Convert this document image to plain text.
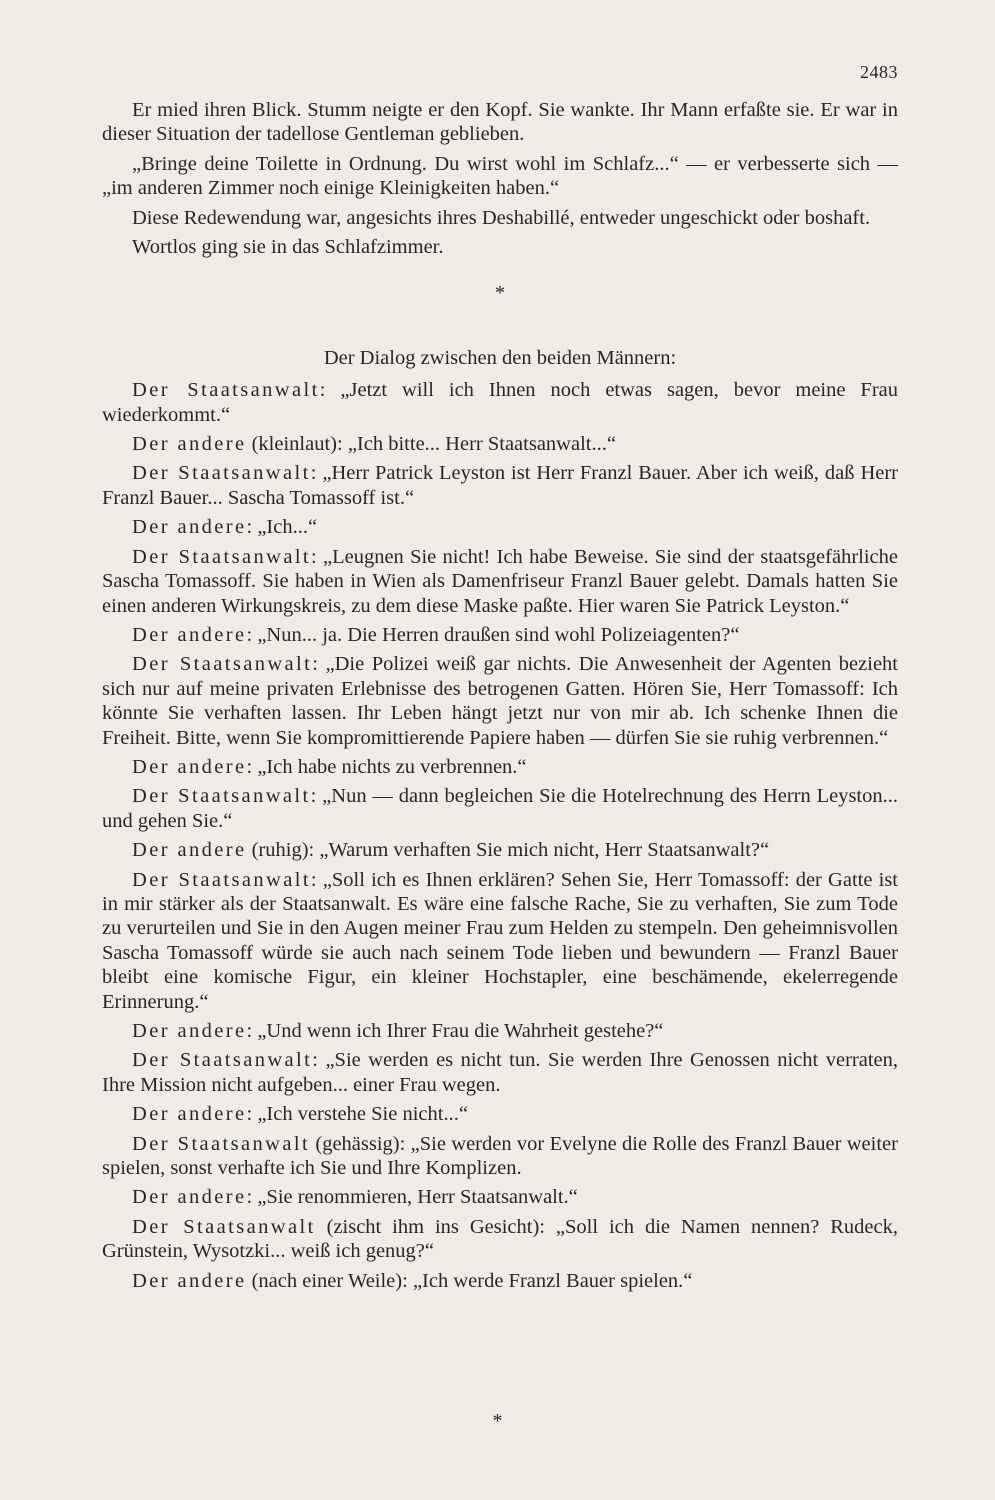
2483

Er mied ihren Blick. Stumm neigte er den Kopf. Sie wankte. Ihr Mann erfaßte sie. Er war in dieser Situation der tadellose Gentleman geblieben.

„Bringe deine Toilette in Ordnung. Du wirst wohl im Schlafz...“ — er verbesserte sich — „im anderen Zimmer noch einige Kleinigkeiten haben.“

Diese Redewendung war, angesichts ihres Deshabillé, entweder ungeschickt oder boshaft.

Wortlos ging sie in das Schlafzimmer.

*

Der Dialog zwischen den beiden Männern:

Der Staatsanwalt: „Jetzt will ich Ihnen noch etwas sagen, bevor meine Frau wiederkommt.“

Der andere (kleinlaut): „Ich bitte... Herr Staatsanwalt...“

Der Staatsanwalt: „Herr Patrick Leyston ist Herr Franzl Bauer. Aber ich weiß, daß Herr Franzl Bauer... Sascha Tomassoff ist.“

Der andere: „Ich...“

Der Staatsanwalt: „Leugnen Sie nicht! Ich habe Beweise. Sie sind der staatsgefährliche Sascha Tomassoff. Sie haben in Wien als Damenfriseur Franzl Bauer gelebt. Damals hatten Sie einen anderen Wirkungskreis, zu dem diese Maske paßte. Hier waren Sie Patrick Leyston.“

Der andere: „Nun... ja. Die Herren draußen sind wohl Polizeiagenten?“

Der Staatsanwalt: „Die Polizei weiß gar nichts. Die Anwesenheit der Agenten bezieht sich nur auf meine privaten Erlebnisse des betrogenen Gatten. Hören Sie, Herr Tomassoff: Ich könnte Sie verhaften lassen. Ihr Leben hängt jetzt nur von mir ab. Ich schenke Ihnen die Freiheit. Bitte, wenn Sie kompromittierende Papiere haben — dürfen Sie sie ruhig verbrennen.“

Der andere: „Ich habe nichts zu verbrennen.“

Der Staatsanwalt: „Nun — dann begleichen Sie die Hotelrechnung des Herrn Leyston... und gehen Sie.“

Der andere (ruhig): „Warum verhaften Sie mich nicht, Herr Staatsanwalt?“

Der Staatsanwalt: „Soll ich es Ihnen erklären? Sehen Sie, Herr Tomassoff: der Gatte ist in mir stärker als der Staatsanwalt. Es wäre eine falsche Rache, Sie zu verhaften, Sie zum Tode zu verurteilen und Sie in den Augen meiner Frau zum Helden zu stempeln. Den geheimnisvollen Sascha Tomassoff würde sie auch nach seinem Tode lieben und bewundern — Franzl Bauer bleibt eine komische Figur, ein kleiner Hochstapler, eine beschämende, ekelerregende Erinnerung.“

Der andere: „Und wenn ich Ihrer Frau die Wahrheit gestehe?“

Der Staatsanwalt: „Sie werden es nicht tun. Sie werden Ihre Genossen nicht verraten, Ihre Mission nicht aufgeben... einer Frau wegen.

Der andere: „Ich verstehe Sie nicht...“

Der Staatsanwalt (gehässig): „Sie werden vor Evelyne die Rolle des Franzl Bauer weiter spielen, sonst verhafte ich Sie und Ihre Komplizen.

Der andere: „Sie renommieren, Herr Staatsanwalt.“

Der Staatsanwalt (zischt ihm ins Gesicht): „Soll ich die Namen nennen? Rudeck, Grünstein, Wysotzki... weiß ich genug?“

Der andere (nach einer Weile): „Ich werde Franzl Bauer spielen.“

*
